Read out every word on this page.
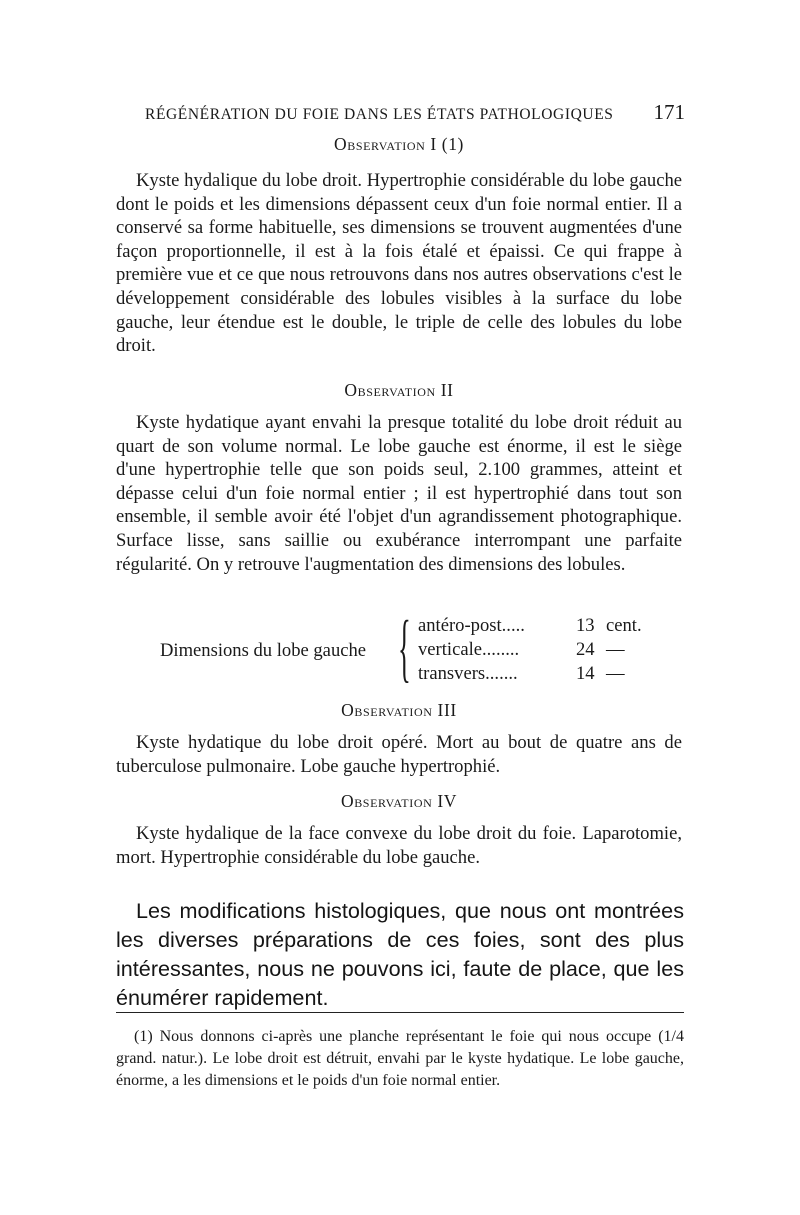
RÉGÉNÉRATION DU FOIE DANS LES ÉTATS PATHOLOGIQUES 171

Observation I (1)

Kyste hydalique du lobe droit. Hypertrophie considérable du lobe gauche dont le poids et les dimensions dépassent ceux d'un foie normal entier. Il a conservé sa forme habituelle, ses dimensions se trouvent augmentées d'une façon proportionnelle, il est à la fois étalé et épaissi. Ce qui frappe à première vue et ce que nous retrouvons dans nos autres observations c'est le développement considérable des lobules visibles à la surface du lobe gauche, leur étendue est le double, le triple de celle des lobules du lobe droit.

Observation II

Kyste hydatique ayant envahi la presque totalité du lobe droit réduit au quart de son volume normal. Le lobe gauche est énorme, il est le siège d'une hypertrophie telle que son poids seul, 2.100 grammes, atteint et dépasse celui d'un foie normal entier ; il est hypertrophié dans tout son ensemble, il semble avoir été l'objet d'un agrandissement photographique. Surface lisse, sans saillie ou exubérance interrompant une parfaite régularité. On y retrouve l'augmentation des dimensions des lobules.

Dimensions du lobe gauche { antéro-post.....	13 cent.
verticale........	24 —
transvers.......	14 —

Observation III

Kyste hydatique du lobe droit opéré. Mort au bout de quatre ans de tuberculose pulmonaire. Lobe gauche hypertrophié.

Observation IV

Kyste hydalique de la face convexe du lobe droit du foie. Laparotomie, mort. Hypertrophie considérable du lobe gauche.

Les modifications histologiques, que nous ont montrées les diverses préparations de ces foies, sont des plus intéressantes, nous ne pouvons ici, faute de place, que les énumérer rapidement.

(1) Nous donnons ci-après une planche représentant le foie qui nous occupe (1/4 grand. natur.). Le lobe droit est détruit, envahi par le kyste hydatique. Le lobe gauche, énorme, a les dimensions et le poids d'un foie normal entier.
